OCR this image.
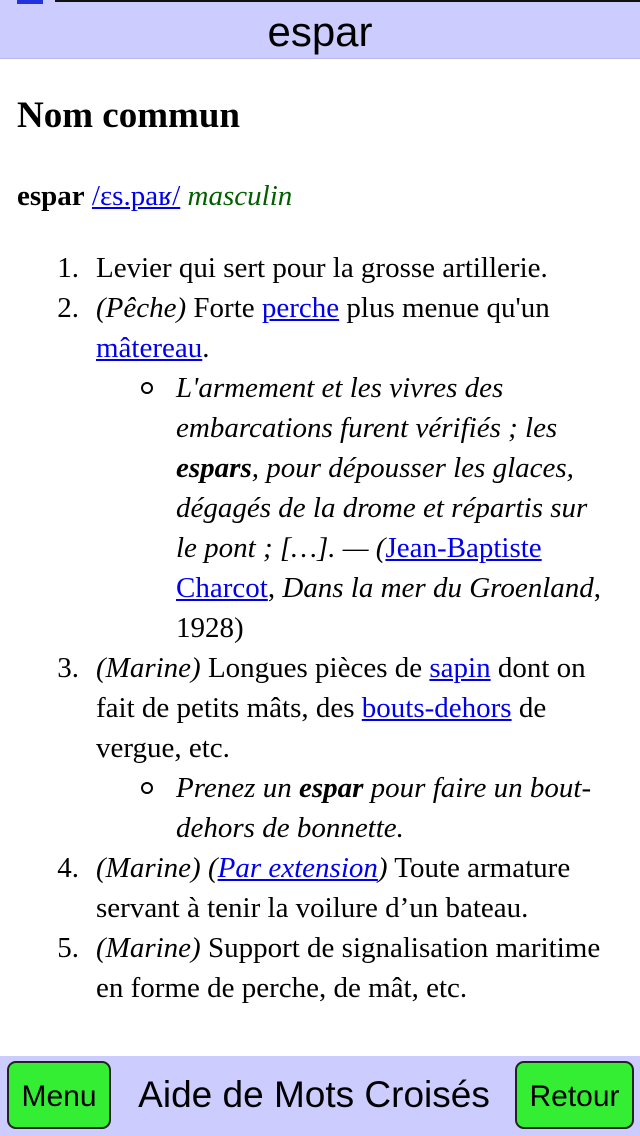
espar
Nom commun
espar /ɛs.paʁ/ masculin
1. Levier qui sert pour la grosse artillerie.
2. (Pêche) Forte perche plus menue qu'un mâtereau.
L'armement et les vivres des embarcations furent vérifiés ; les espars, pour dépousser les glaces, dégagés de la drome et répartis sur le pont ; […]. — (Jean-Baptiste Charcot, Dans la mer du Groenland, 1928)
3. (Marine) Longues pièces de sapin dont on fait de petits mâts, des bouts-dehors de vergue, etc.
Prenez un espar pour faire un bout-dehors de bonnette.
4. (Marine) (Par extension) Toute armature servant à tenir la voilure d’un bateau.
5. (Marine) Support de signalisation maritime en forme de perche, de mât, etc.
Menu	Aide de Mots Croisés	Retour
